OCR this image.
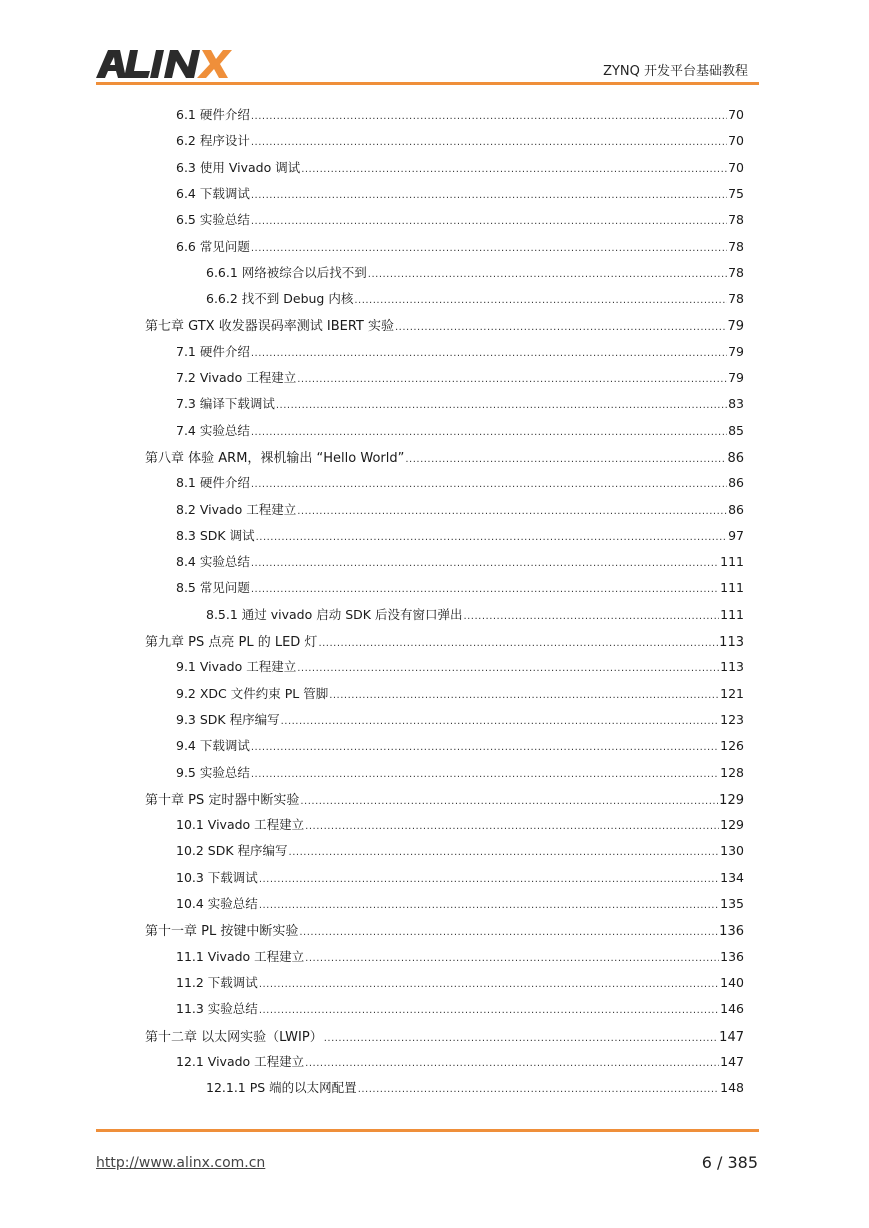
ZYNQ 开发平台基础教程
6.1 硬件介绍 .....	70
6.2 程序设计 .....	70
6.3 使用 Vivado 调试 .....	70
6.4 下载调试 .....	75
6.5 实验总结 .....	78
6.6 常见问题 .....	78
6.6.1 网络被综合以后找不到 .....	78
6.6.2 找不到 Debug 内核 .....	78
第七章 GTX 收发器误码率测试 IBERT 实验 .....	79
7.1 硬件介绍 .....	79
7.2 Vivado 工程建立 .....	79
7.3 编译下载调试 .....	83
7.4 实验总结 .....	85
第八章 体验 ARM，裸机输出 “Hello World” .....	86
8.1 硬件介绍 .....	86
8.2 Vivado 工程建立 .....	86
8.3 SDK 调试 .....	97
8.4 实验总结 .....	111
8.5 常见问题 .....	111
8.5.1 通过 vivado 启动 SDK 后没有窗口弹出 .....	111
第九章 PS 点亮 PL 的 LED 灯 .....	113
9.1 Vivado 工程建立 .....	113
9.2 XDC 文件约束 PL 管脚 .....	121
9.3 SDK 程序编写 .....	123
9.4 下载调试 .....	126
9.5 实验总结 .....	128
第十章 PS 定时器中断实验 .....	129
10.1 Vivado 工程建立 .....	129
10.2 SDK 程序编写 .....	130
10.3 下载调试 .....	134
10.4 实验总结 .....	135
第十一章 PL 按键中断实验 .....	136
11.1 Vivado 工程建立 .....	136
11.2 下载调试 .....	140
11.3 实验总结 .....	146
第十二章 以太网实验（LWIP） .....	147
12.1 Vivado 工程建立 .....	147
12.1.1 PS 端的以太网配置 .....	148
http://www.alinx.com.cn	6 / 385
